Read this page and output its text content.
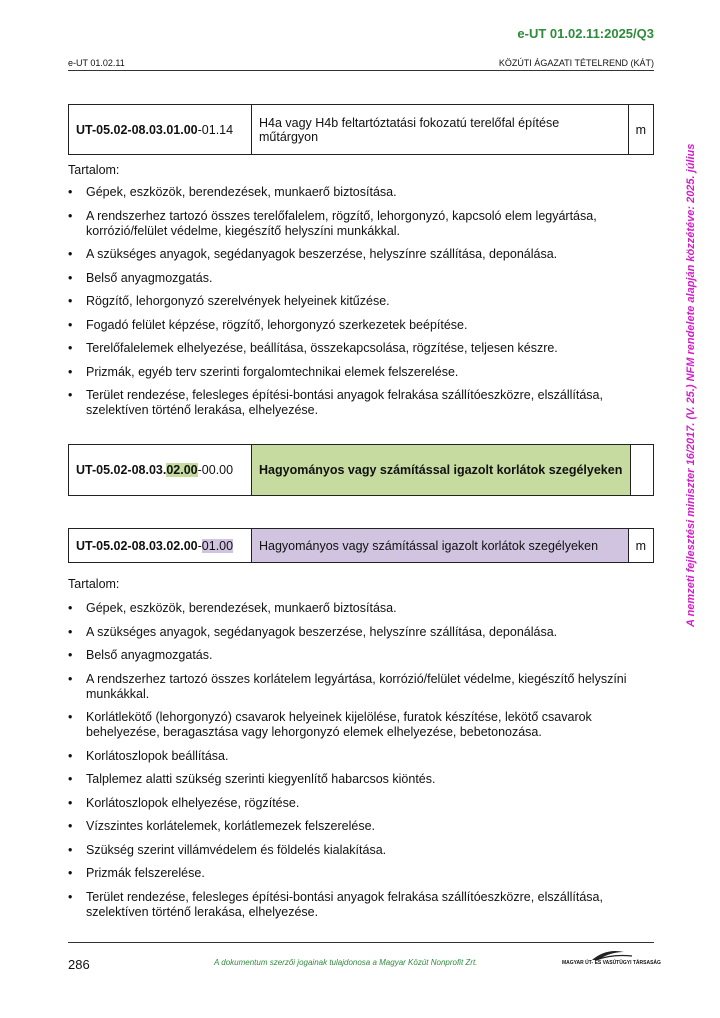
e-UT 01.02.11:2025/Q3
e-UT 01.02.11	KÖZÚTI ÁGAZATI TÉTELREND (KÁT)
A nemzeti fejlesztési miniszter 16/2017. (V. 25.) NFM rendelete alapján közzétéve: 2025. július
UT-05.02-08.03.01.00-01.14	H4a vagy H4b feltartóztatási fokozatú terelőfal építése műtárgyon	m
Tartalom:
• Gépek, eszközök, berendezések, munkaerő biztosítása.
• A rendszerhez tartozó összes terelőfalelem, rögzítő, lehorgonyzó, kapcsoló elem legyártása, korrózió/felület védelme, kiegészítő helyszíni munkákkal.
• A szükséges anyagok, segédanyagok beszerzése, helyszínre szállítása, deponálása.
• Belső anyagmozgatás.
• Rögzítő, lehorgonyzó szerelvények helyeinek kitűzése.
• Fogadó felület képzése, rögzítő, lehorgonyzó szerkezetek beépítése.
• Terelőfalelemek elhelyezése, beállítása, összekapcsolása, rögzítése, teljesen készre.
• Prizmák, egyéb terv szerinti forgalomtechnikai elemek felszerelése.
• Terület rendezése, felesleges építési-bontási anyagok felrakása szállítóeszközre, elszállítása, szelektíven történő lerakása, elhelyezése.
UT-05.02-08.03.02.00-00.00	Hagyományos vagy számítással igazolt korlátok szegélyeken	
UT-05.02-08.03.02.00-01.00	Hagyományos vagy számítással igazolt korlátok szegélyeken	m
Tartalom:
• Gépek, eszközök, berendezések, munkaerő biztosítása.
• A szükséges anyagok, segédanyagok beszerzése, helyszínre szállítása, deponálása.
• Belső anyagmozgatás.
• A rendszerhez tartozó összes korlátelem legyártása, korrózió/felület védelme, kiegészítő helyszíni munkákkal.
• Korlátlekötő (lehorgonyzó) csavarok helyeinek kijelölése, furatok készítése, lekötő csavarok behelyezése, beragasztása vagy lehorgonyzó elemek elhelyezése, bebetonozása.
• Korlátoszlopok beállítása.
• Talplemez alatti szükség szerinti kiegyenlítő habarcsos kiöntés.
• Korlátoszlopok elhelyezése, rögzítése.
• Vízszintes korlátelemek, korlátlemezek felszerelése.
• Szükség szerint villámvédelem és földelés kialakítása.
• Prizmák felszerelése.
• Terület rendezése, felesleges építési-bontási anyagok felrakása szállítóeszközre, elszállítása, szelektíven történő lerakása, elhelyezése.
286	A dokumentum szerzői jogainak tulajdonosa a Magyar Közút Nonprofit Zrt.	MAGYAR ÚT- ÉS VASÚTÜGYI TÁRSASÁG
